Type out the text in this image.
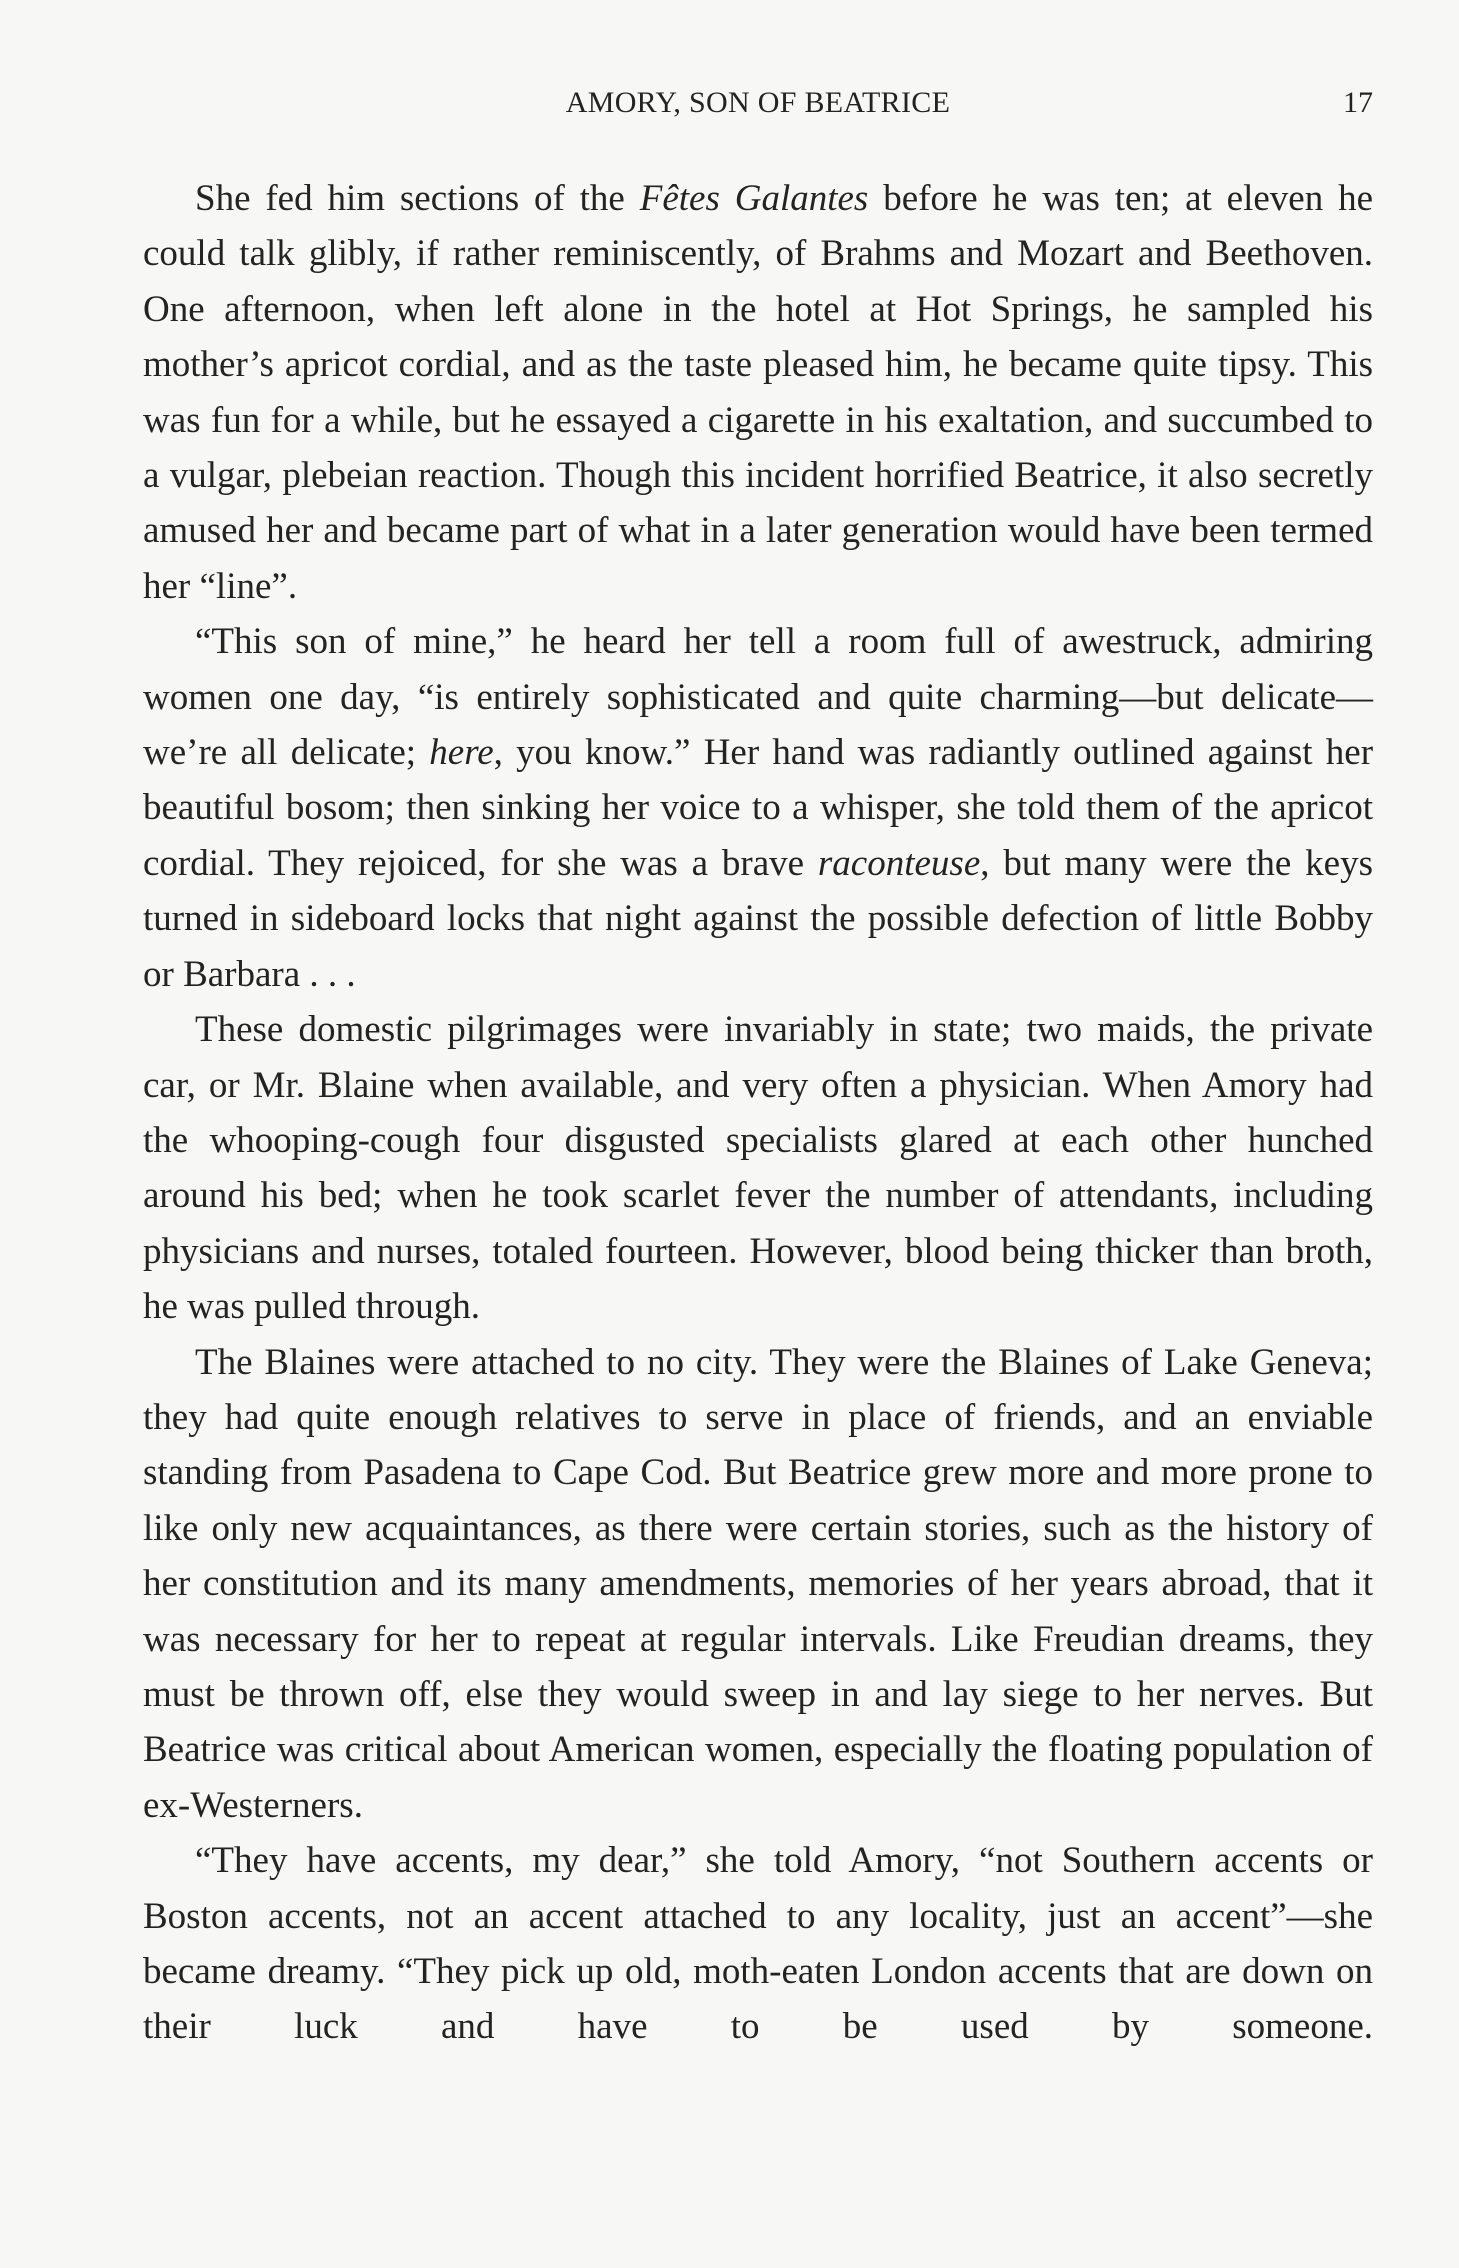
AMORY, SON OF BEATRICE	17

She fed him sections of the Fêtes Galantes before he was ten; at eleven he could talk glibly, if rather reminiscently, of Brahms and Mozart and Beethoven. One afternoon, when left alone in the hotel at Hot Springs, he sampled his mother’s apricot cordial, and as the taste pleased him, he became quite tipsy. This was fun for a while, but he essayed a cigarette in his exaltation, and succumbed to a vulgar, plebeian reaction. Though this incident horrified Beatrice, it also secretly amused her and became part of what in a later generation would have been termed her “line”.

“This son of mine,” he heard her tell a room full of awestruck, admiring women one day, “is entirely sophisticated and quite charming—but delicate—we’re all delicate; here, you know.” Her hand was radiantly outlined against her beautiful bosom; then sinking her voice to a whisper, she told them of the apricot cordial. They rejoiced, for she was a brave raconteuse, but many were the keys turned in sideboard locks that night against the possible defection of little Bobby or Barbara . . .

These domestic pilgrimages were invariably in state; two maids, the private car, or Mr. Blaine when available, and very often a physician. When Amory had the whooping-cough four disgusted specialists glared at each other hunched around his bed; when he took scarlet fever the number of attendants, including physicians and nurses, totaled fourteen. However, blood being thicker than broth, he was pulled through.

The Blaines were attached to no city. They were the Blaines of Lake Geneva; they had quite enough relatives to serve in place of friends, and an enviable standing from Pasadena to Cape Cod. But Beatrice grew more and more prone to like only new acquaintances, as there were certain stories, such as the history of her constitution and its many amendments, memories of her years abroad, that it was necessary for her to repeat at regular intervals. Like Freudian dreams, they must be thrown off, else they would sweep in and lay siege to her nerves. But Beatrice was critical about American women, especially the floating population of ex-Westerners.

“They have accents, my dear,” she told Amory, “not Southern accents or Boston accents, not an accent attached to any locality, just an accent”—she became dreamy. “They pick up old, moth-eaten London accents that are down on their luck and have to be used by someone.
